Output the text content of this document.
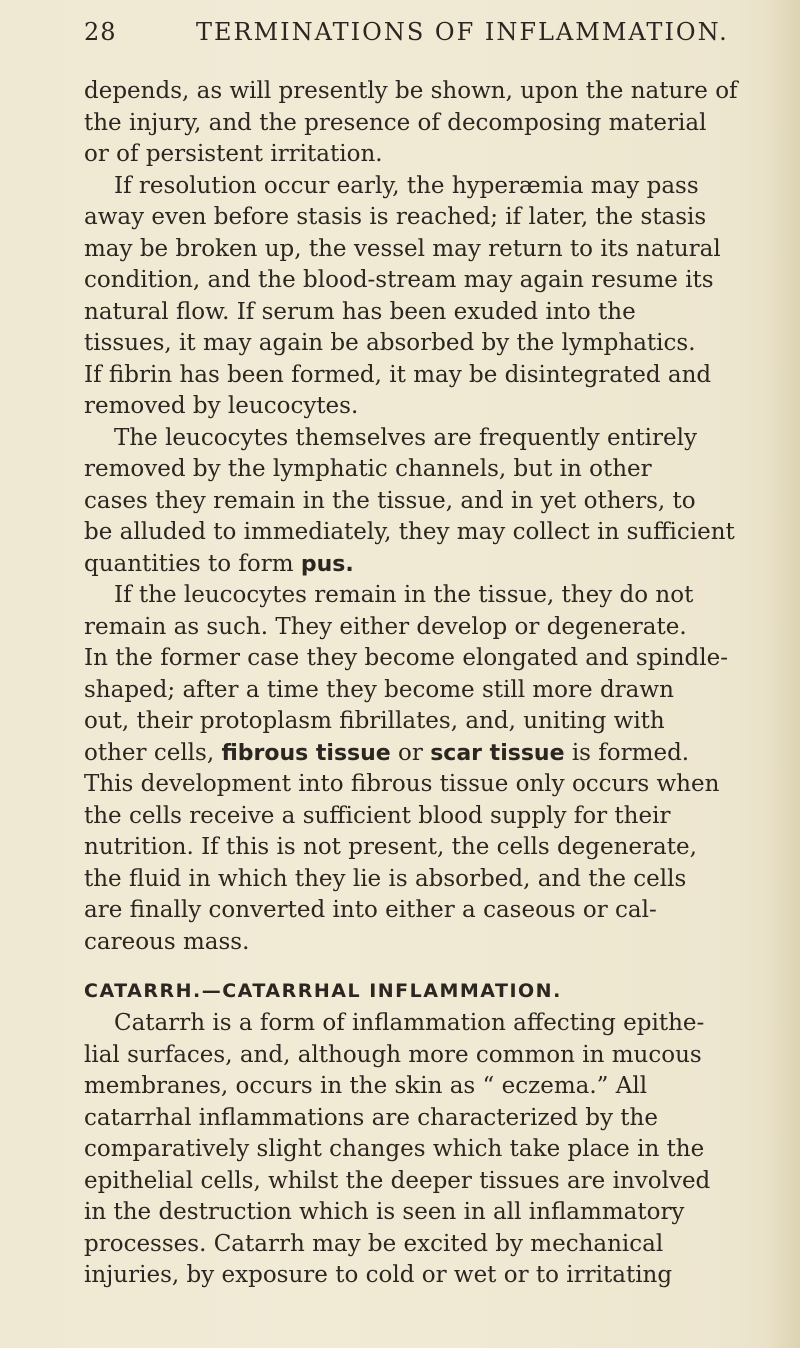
28	TERMINATIONS OF INFLAMMATION.
depends, as will presently be shown, upon the nature of
the injury, and the presence of decomposing material
or of persistent irritation.
If resolution occur early, the hyperæmia may pass
away even before stasis is reached; if later, the stasis
may be broken up, the vessel may return to its natural
condition, and the blood-stream may again resume its
natural flow. If serum has been exuded into the
tissues, it may again be absorbed by the lymphatics.
If fibrin has been formed, it may be disintegrated and
removed by leucocytes.
The leucocytes themselves are frequently entirely
removed by the lymphatic channels, but in other
cases they remain in the tissue, and in yet others, to
be alluded to immediately, they may collect in sufficient
quantities to form pus.
If the leucocytes remain in the tissue, they do not
remain as such. They either develop or degenerate.
In the former case they become elongated and spindle-
shaped; after a time they become still more drawn
out, their protoplasm fibrillates, and, uniting with
other cells, fibrous tissue or scar tissue is formed.
This development into fibrous tissue only occurs when
the cells receive a sufficient blood supply for their
nutrition. If this is not present, the cells degenerate,
the fluid in which they lie is absorbed, and the cells
are finally converted into either a caseous or cal-
careous mass.
CATARRH.—CATARRHAL INFLAMMATION.
Catarrh is a form of inflammation affecting epithe-
lial surfaces, and, although more common in mucous
membranes, occurs in the skin as “ eczema.” All
catarrhal inflammations are characterized by the
comparatively slight changes which take place in the
epithelial cells, whilst the deeper tissues are involved
in the destruction which is seen in all inflammatory
processes. Catarrh may be excited by mechanical
injuries, by exposure to cold or wet or to irritating
